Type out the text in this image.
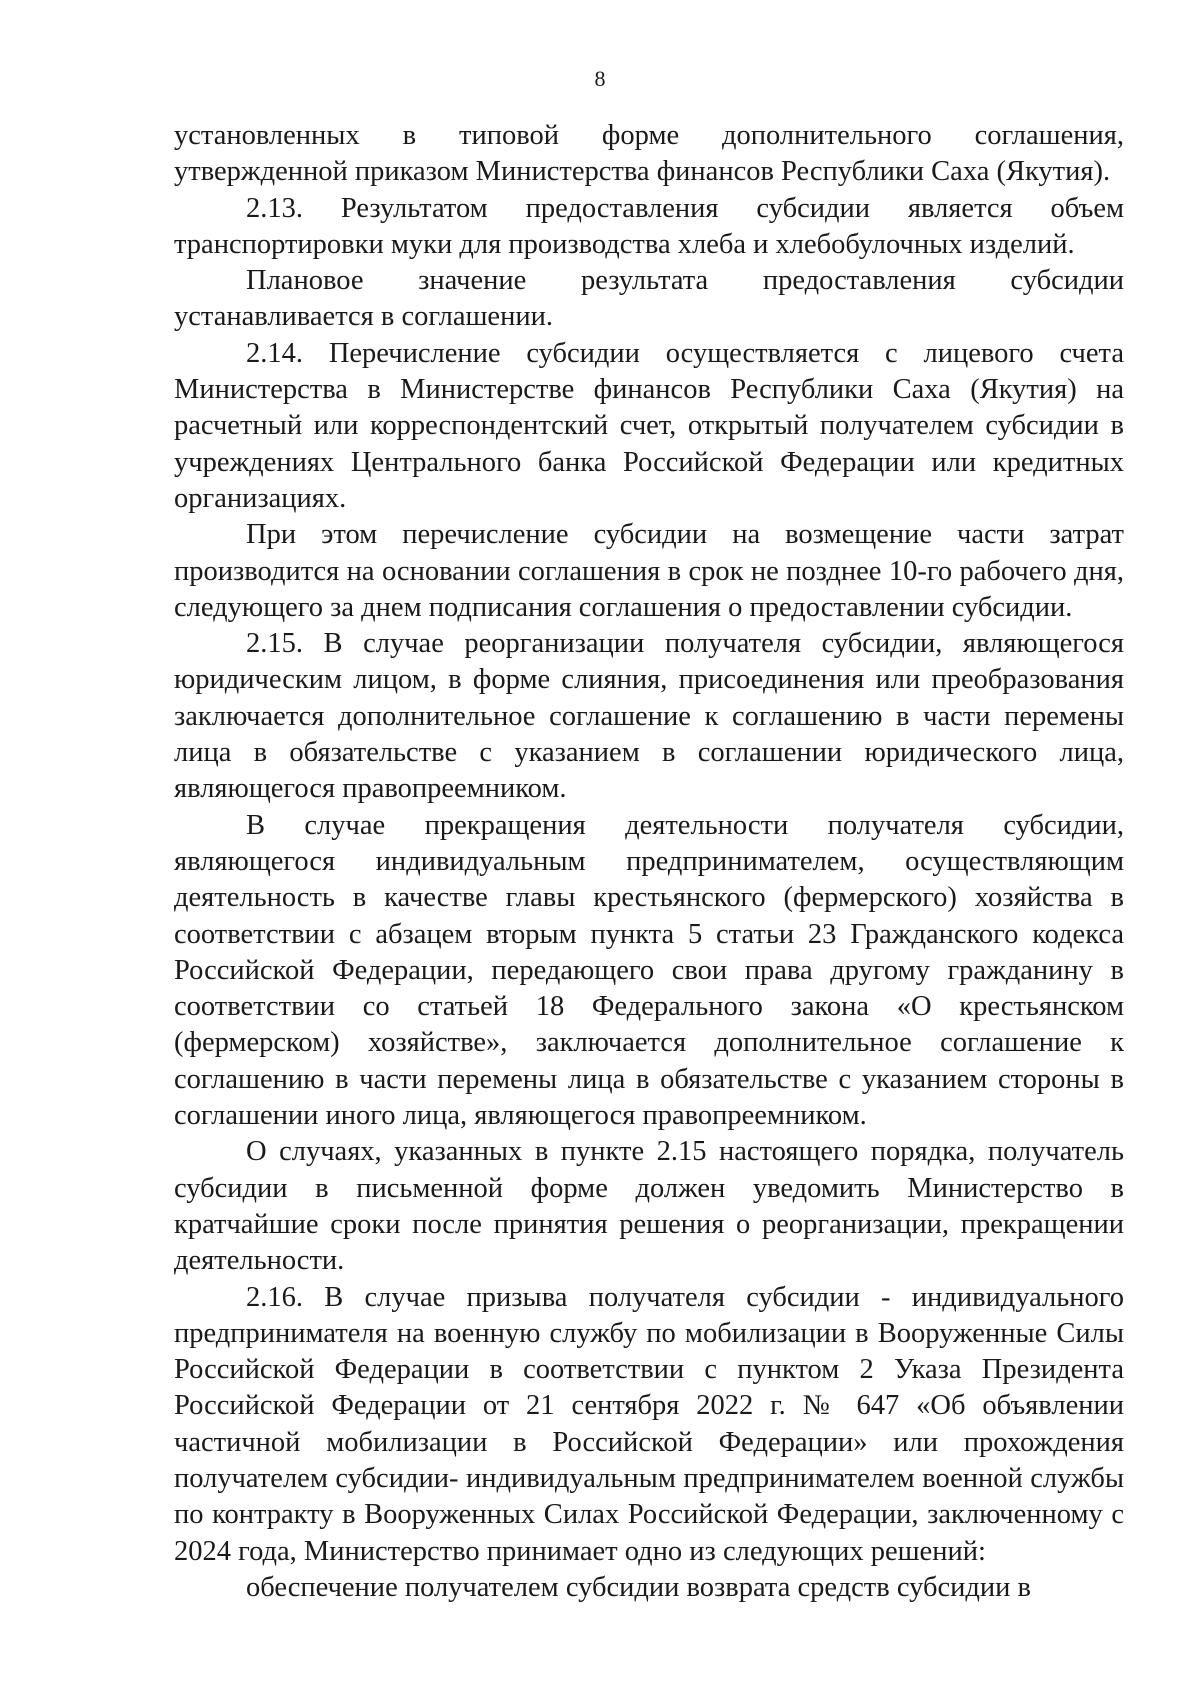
8

установленных в типовой форме дополнительного соглашения, утвержденной приказом Министерства финансов Республики Саха (Якутия).

2.13. Результатом предоставления субсидии является объем транспортировки муки для производства хлеба и хлебобулочных изделий.

Плановое значение результата предоставления субсидии устанавливается в соглашении.

2.14. Перечисление субсидии осуществляется с лицевого счета Министерства в Министерстве финансов Республики Саха (Якутия) на расчетный или корреспондентский счет, открытый получателем субсидии в учреждениях Центрального банка Российской Федерации или кредитных организациях.

При этом перечисление субсидии на возмещение части затрат производится на основании соглашения в срок не позднее 10-го рабочего дня, следующего за днем подписания соглашения о предоставлении субсидии.

2.15. В случае реорганизации получателя субсидии, являющегося юридическим лицом, в форме слияния, присоединения или преобразования заключается дополнительное соглашение к соглашению в части перемены лица в обязательстве с указанием в соглашении юридического лица, являющегося правопреемником.

В случае прекращения деятельности получателя субсидии, являющегося индивидуальным предпринимателем, осуществляющим деятельность в качестве главы крестьянского (фермерского) хозяйства в соответствии с абзацем вторым пункта 5 статьи 23 Гражданского кодекса Российской Федерации, передающего свои права другому гражданину в соответствии со статьей 18 Федерального закона «О крестьянском (фермерском) хозяйстве», заключается дополнительное соглашение к соглашению в части перемены лица в обязательстве с указанием стороны в соглашении иного лица, являющегося правопреемником.

О случаях, указанных в пункте 2.15 настоящего порядка, получатель субсидии в письменной форме должен уведомить Министерство в кратчайшие сроки после принятия решения о реорганизации, прекращении деятельности.

2.16. В случае призыва получателя субсидии - индивидуального предпринимателя на военную службу по мобилизации в Вооруженные Силы Российской Федерации в соответствии с пунктом 2 Указа Президента Российской Федерации от 21 сентября 2022 г. № 647 «Об объявлении частичной мобилизации в Российской Федерации» или прохождения получателем субсидии- индивидуальным предпринимателем военной службы по контракту в Вооруженных Силах Российской Федерации, заключенному с 2024 года, Министерство принимает одно из следующих решений:

обеспечение получателем субсидии возврата средств субсидии в
